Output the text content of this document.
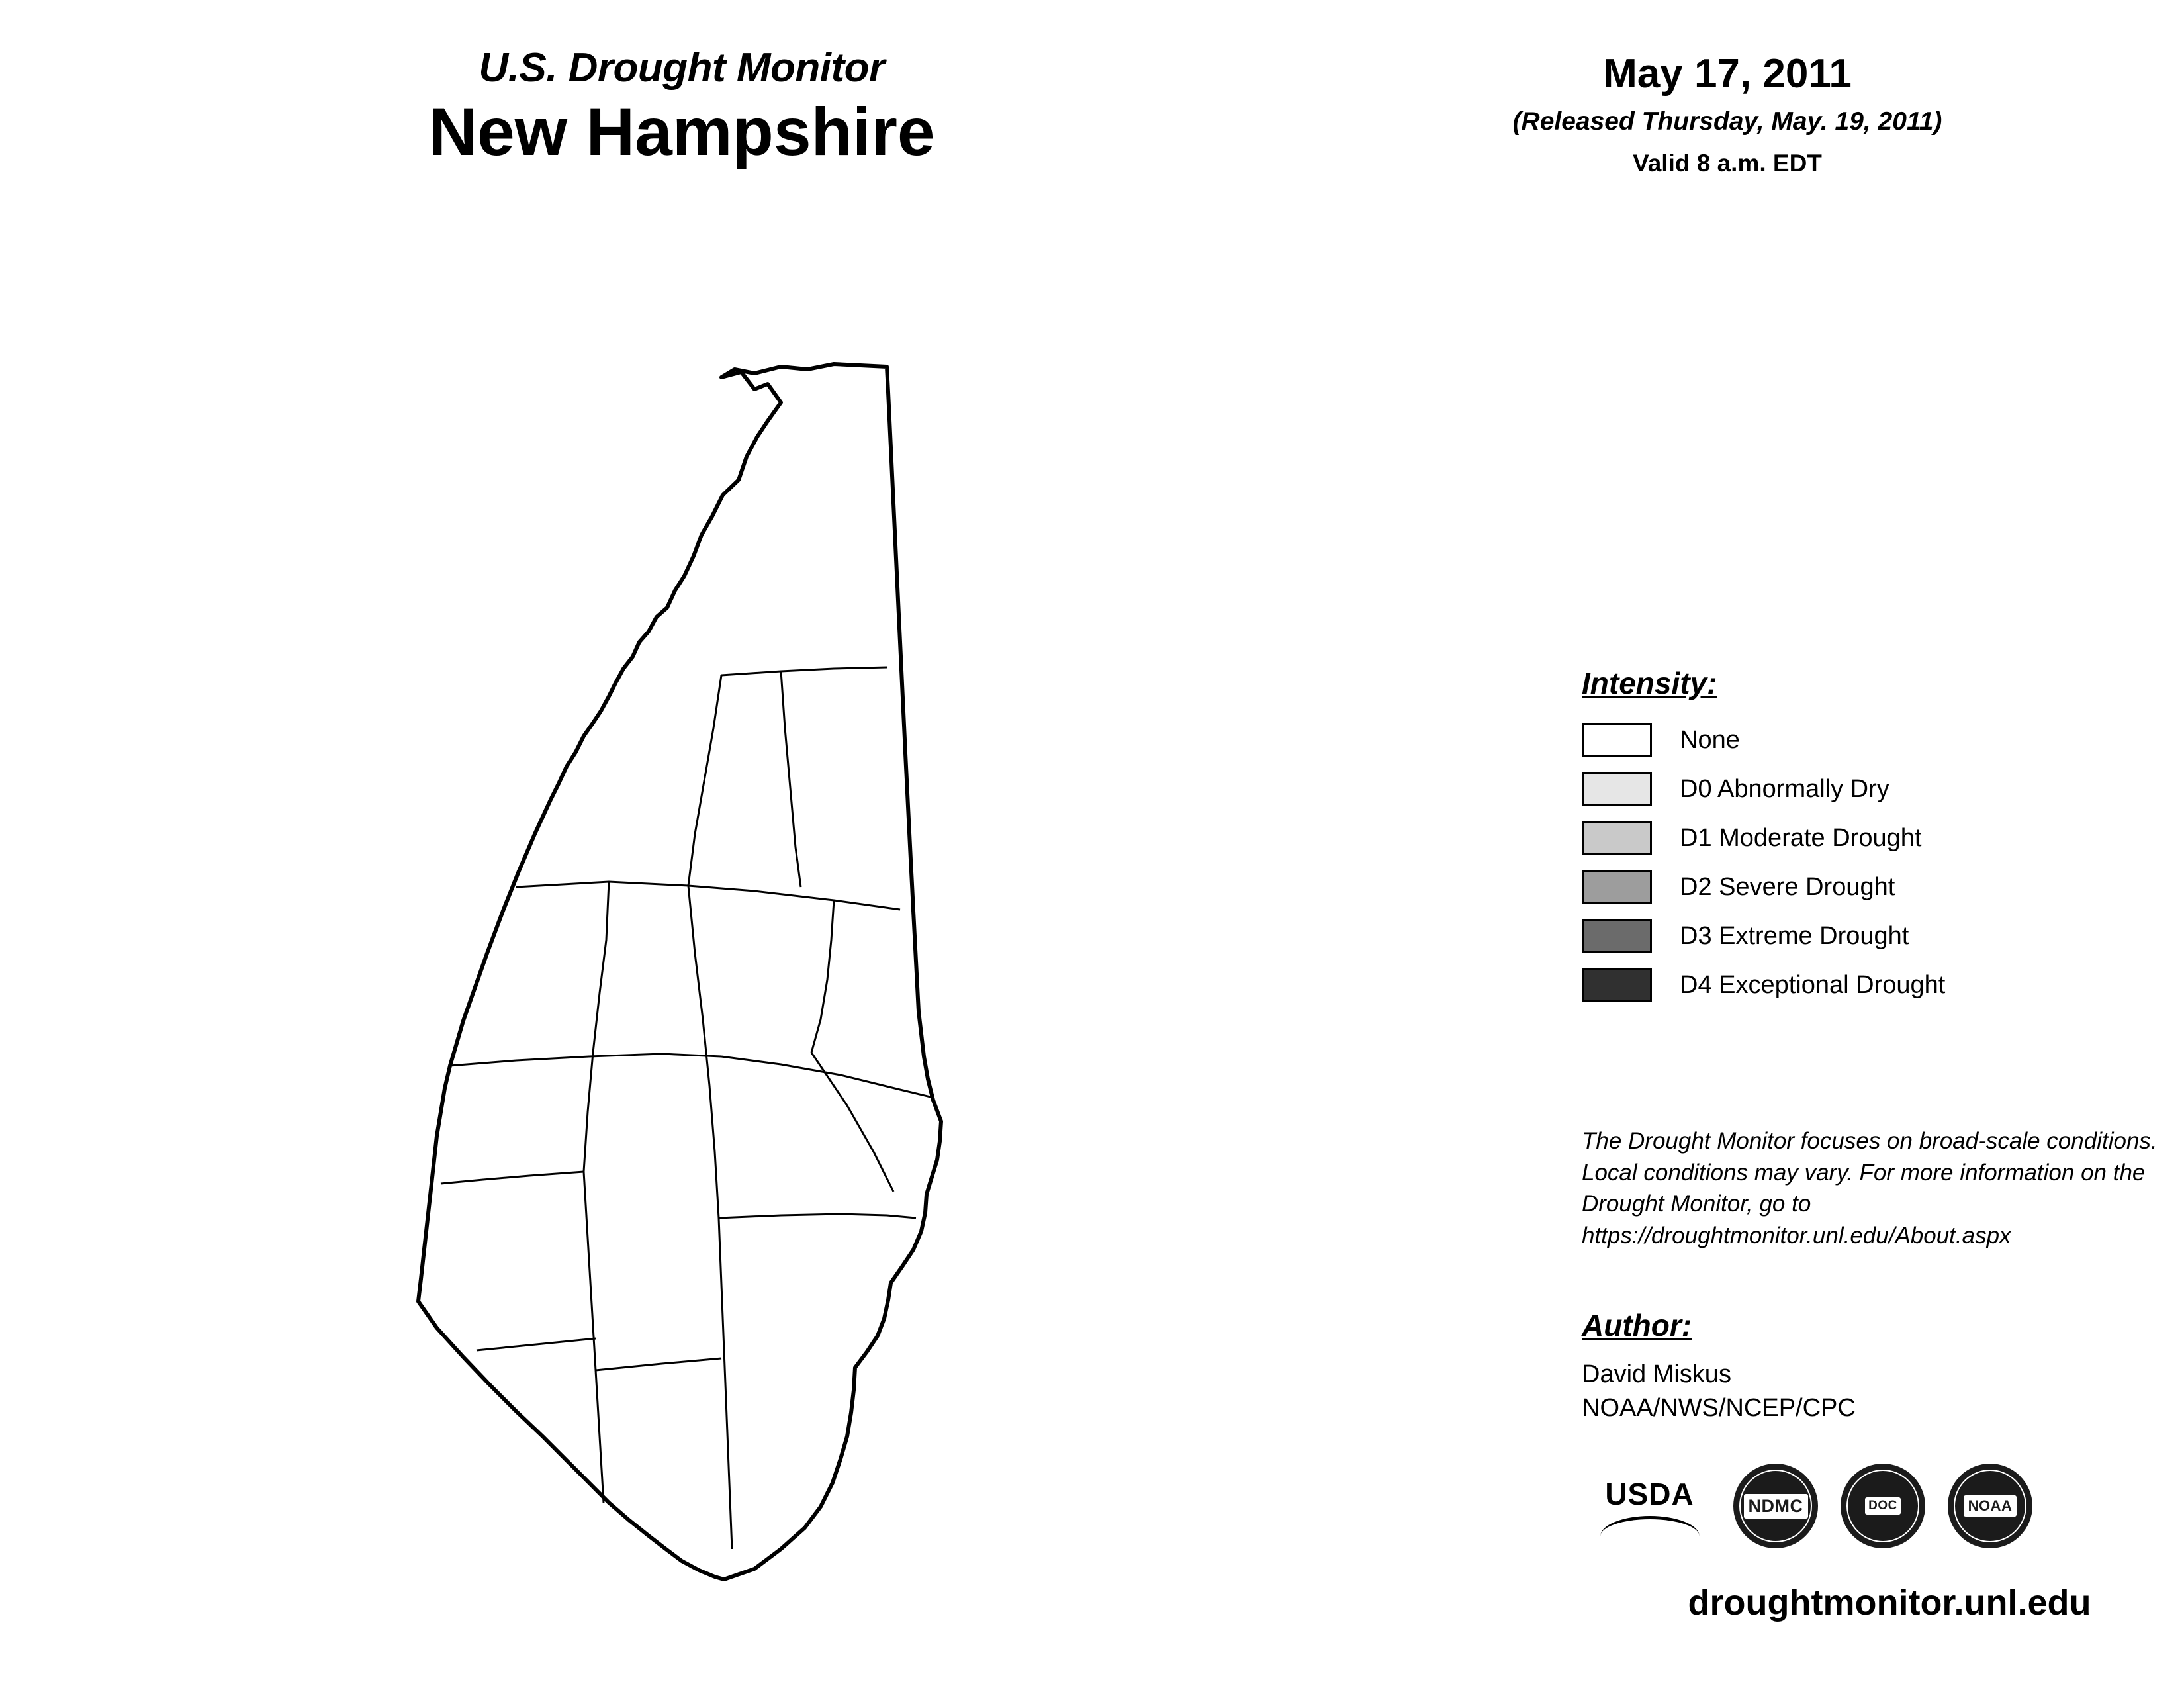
U.S. Drought Monitor
New Hampshire
May 17, 2011
(Released Thursday, May. 19, 2011)
Valid 8 a.m. EDT
Intensity:
None
D0 Abnormally Dry
D1 Moderate Drought
D2 Severe Drought
D3 Extreme Drought
D4 Exceptional Drought
The Drought Monitor focuses on broad-scale conditions. Local conditions may vary. For more information on the Drought Monitor, go to https://droughtmonitor.unl.edu/About.aspx
Author:
David Miskus
NOAA/NWS/NCEP/CPC
USDA	NDMC	DOC	NOAA
droughtmonitor.unl.edu
